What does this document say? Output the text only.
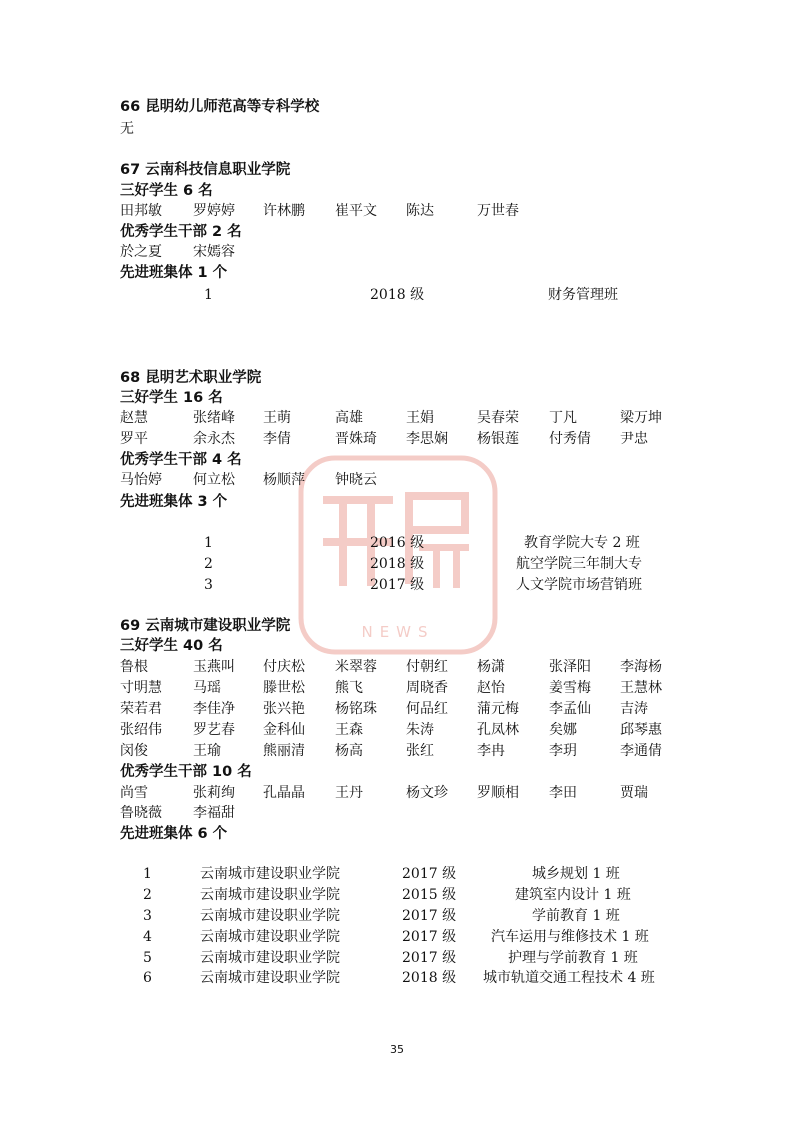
NEWS
66 昆明幼儿师范高等专科学校
无
67 云南科技信息职业学院
三好学生 6 名
田邦敏 罗婷婷 许林鹏 崔平文 陈达	万世春
优秀学生干部 2 名
於之夏 宋嫣容
先进班集体 1 个
1	2018 级	财务管理班
68 昆明艺术职业学院
三好学生 16 名
赵慧	张绪峰 王萌	高雄	王娟	吴春荣 丁凡	梁万坤
罗平	余永杰 李倩	晋姝琦 李思娴 杨银莲 付秀倩 尹忠
优秀学生干部 4 名
马怡婷 何立松 杨顺萍 钟晓云
先进班集体 3 个
1	2016 级	教育学院大专 2 班
2	2018 级	航空学院三年制大专
3	2017 级	人文学院市场营销班
69 云南城市建设职业学院
三好学生 40 名
鲁根	玉燕叫 付庆松 米翠蓉 付朝红 杨潇	张泽阳 李海杨
寸明慧 马瑶	滕世松 熊飞	周晓香 赵怡	姜雪梅 王慧林
荣若君 李佳净 张兴艳 杨铭珠 何品红 蒲元梅 李孟仙 吉涛
张绍伟 罗艺春 金科仙 王森	朱涛	孔凤林 矣娜	邱琴惠
闵俊	王瑜	熊丽清 杨高	张红	李冉	李玥	李通倩
优秀学生干部 10 名
尚雪	张莉绚 孔晶晶 王丹	杨文珍 罗顺相 李田	贾瑞
鲁晓薇 李福甜
先进班集体 6 个
1	云南城市建设职业学院	2017 级	城乡规划 1 班
2	云南城市建设职业学院	2015 级	建筑室内设计 1 班
3	云南城市建设职业学院	2017 级	学前教育 1 班
4	云南城市建设职业学院	2017 级 汽车运用与维修技术 1 班
5	云南城市建设职业学院	2017 级	护理与学前教育 1 班
6	云南城市建设职业学院	2018 级 城市轨道交通工程技术 4 班
35
